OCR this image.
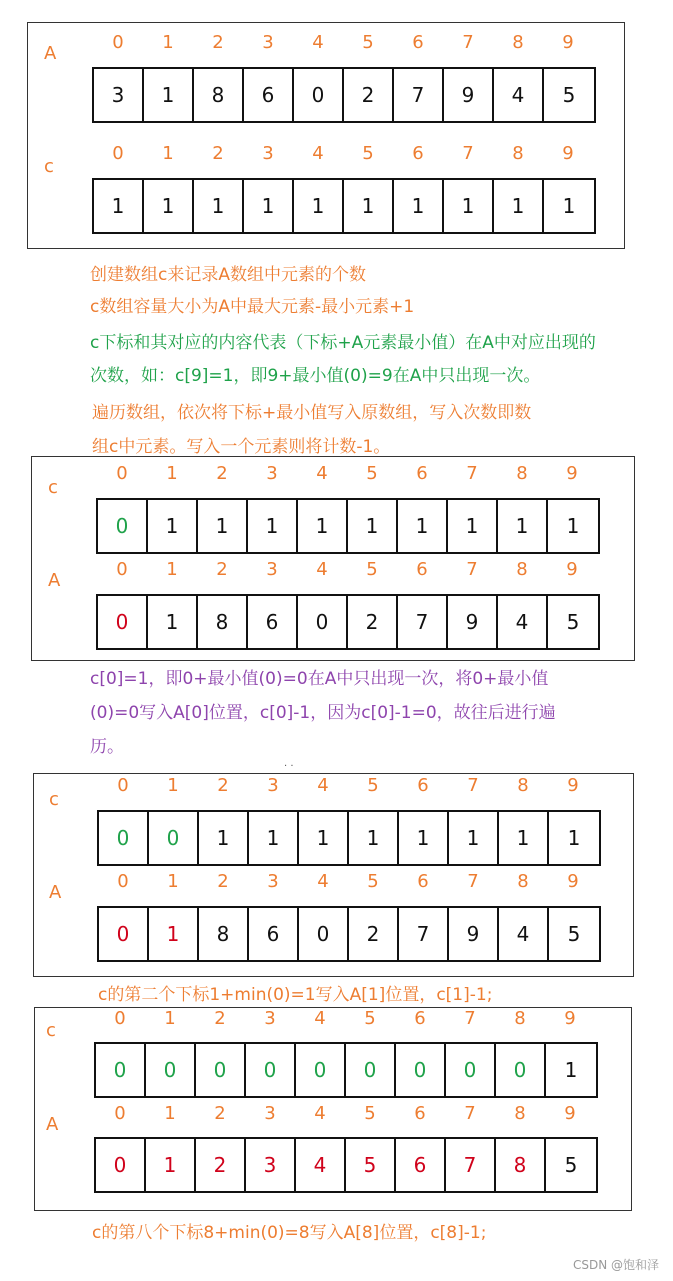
A
0	1	2	3	4	5	6	7	8	9
3	1	8	6	0	2	7	9	4	5
c
0	1	2	3	4	5	6	7	8	9
1	1	1	1	1	1	1	1	1	1

创建数组c来记录A数组中元素的个数

c数组容量大小为A中最大元素-最小元素+1

c下标和其对应的内容代表（下标+A元素最小值）在A中对应出现的

次数，如：c[9]=1，即9+最小值(0)=9在A中只出现一次。

遍历数组，依次将下标+最小值写入原数组，写入次数即数

组c中元素。写入一个元素则将计数-1。

c
0	1	2	3	4	5	6	7	8	9
0	1	1	1	1	1	1	1	1	1
A
0	1	2	3	4	5	6	7	8	9
0	1	8	6	0	2	7	9	4	5

c[0]=1，即0+最小值(0)=0在A中只出现一次，将0+最小值

(0)=0写入A[0]位置，c[0]-1，因为c[0]-1=0，故往后进行遍

历。

· ·
c
0	1	2	3	4	5	6	7	8	9
0	0	1	1	1	1	1	1	1	1
A
0	1	2	3	4	5	6	7	8	9
0	1	8	6	0	2	7	9	4	5

c的第二个下标1+min(0)=1写入A[1]位置，c[1]-1;

c
0	1	2	3	4	5	6	7	8	9
0	0	0	0	0	0	0	0	0	1
A
0	1	2	3	4	5	6	7	8	9
0	1	2	3	4	5	6	7	8	5

c的第八个下标8+min(0)=8写入A[8]位置，c[8]-1;

CSDN @饱和泽
